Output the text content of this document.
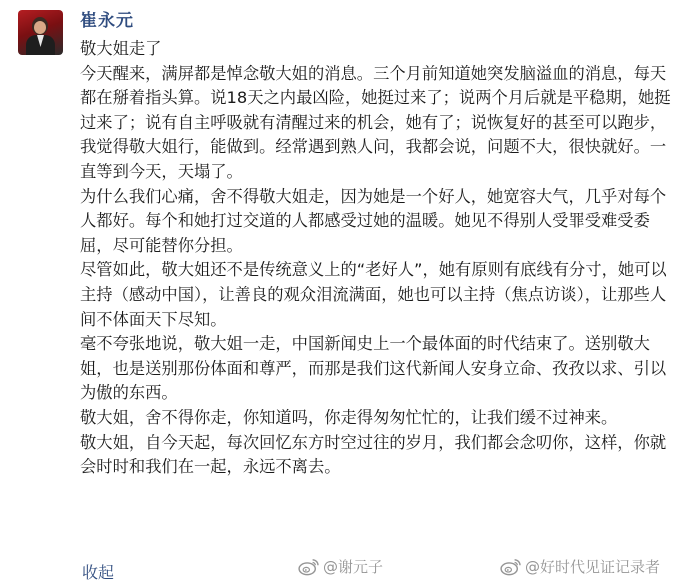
崔永元

敬大姐走了

今天醒来，满屏都是悼念敬大姐的消息。三个月前知道她突发脑溢血的消息，每天都在掰着指头算。说18天之内最凶险，她挺过来了；说两个月后就是平稳期，她挺过来了；说有自主呼吸就有清醒过来的机会，她有了；说恢复好的甚至可以跑步，我觉得敬大姐行，能做到。经常遇到熟人问，我都会说，问题不大，很快就好。一直等到今天，天塌了。

为什么我们心痛，舍不得敬大姐走，因为她是一个好人，她宽容大气，几乎对每个人都好。每个和她打过交道的人都感受过她的温暖。她见不得别人受罪受难受委屈，尽可能替你分担。

尽管如此，敬大姐还不是传统意义上的“老好人”，她有原则有底线有分寸，她可以主持（感动中国），让善良的观众泪流满面，她也可以主持（焦点访谈），让那些人间不体面天下尽知。

毫不夸张地说，敬大姐一走，中国新闻史上一个最体面的时代结束了。送别敬大姐，也是送别那份体面和尊严，而那是我们这代新闻人安身立命、孜孜以求、引以为傲的东西。

敬大姐，舍不得你走，你知道吗，你走得匆匆忙忙的，让我们缓不过神来。

敬大姐，自今天起，每次回忆东方时空过往的岁月，我们都会念叨你，这样，你就会时时和我们在一起，永远不离去。

收起	@谢元子	@好时代见证记录者
